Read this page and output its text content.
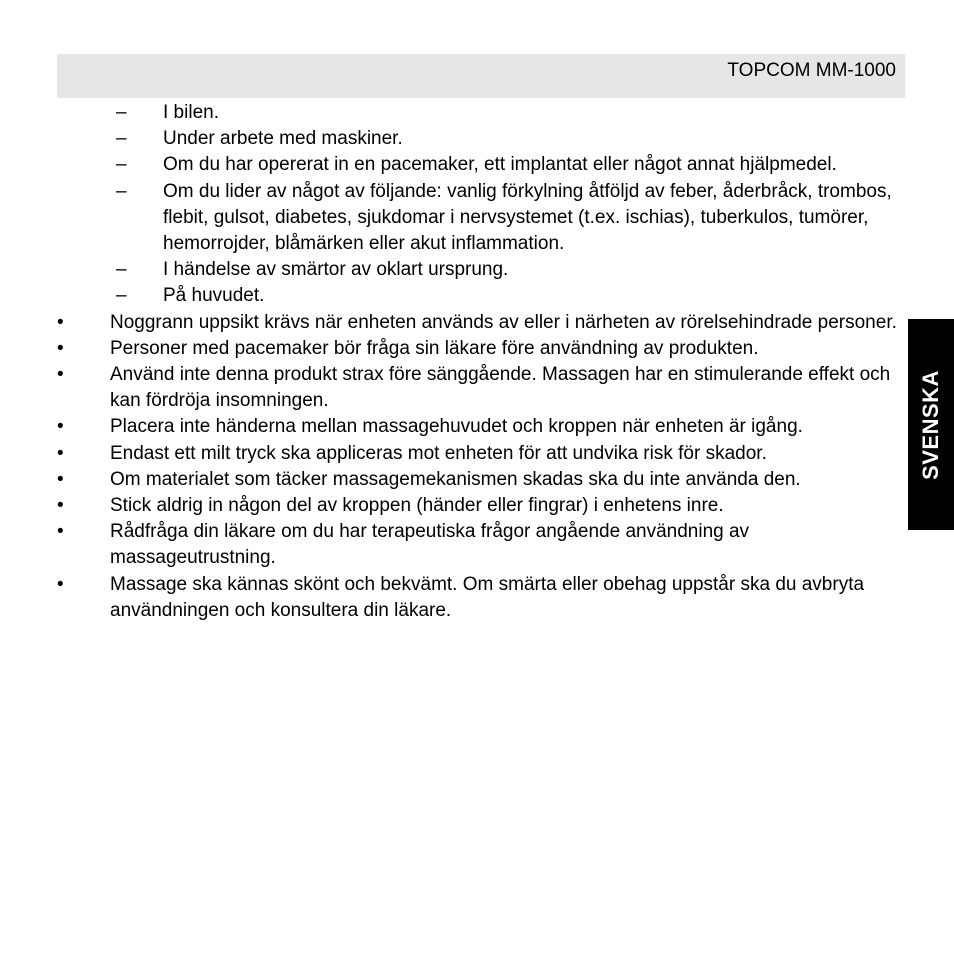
TOPCOM MM-1000
SVENSKA
– I bilen.
– Under arbete med maskiner.
– Om du har opererat in en pacemaker, ett implantat eller något annat hjälpmedel.
– Om du lider av något av följande: vanlig förkylning åtföljd av feber, åderbråck, trombos, flebit, gulsot, diabetes, sjukdomar i nervsystemet (t.ex. ischias), tuberkulos, tumörer, hemorrojder, blåmärken eller akut inflammation.
– I händelse av smärtor av oklart ursprung.
– På huvudet.
• Noggrann uppsikt krävs när enheten används av eller i närheten av rörelsehindrade personer.
• Personer med pacemaker bör fråga sin läkare före användning av produkten.
• Använd inte denna produkt strax före sänggående. Massagen har en stimulerande effekt och kan fördröja insomningen.
• Placera inte händerna mellan massagehuvudet och kroppen när enheten är igång.
• Endast ett milt tryck ska appliceras mot enheten för att undvika risk för skador.
• Om materialet som täcker massagemekanismen skadas ska du inte använda den.
• Stick aldrig in någon del av kroppen (händer eller fingrar) i enhetens inre.
• Rådfråga din läkare om du har terapeutiska frågor angående användning av massageutrustning.
• Massage ska kännas skönt och bekvämt. Om smärta eller obehag uppstår ska du avbryta användningen och konsultera din läkare.
